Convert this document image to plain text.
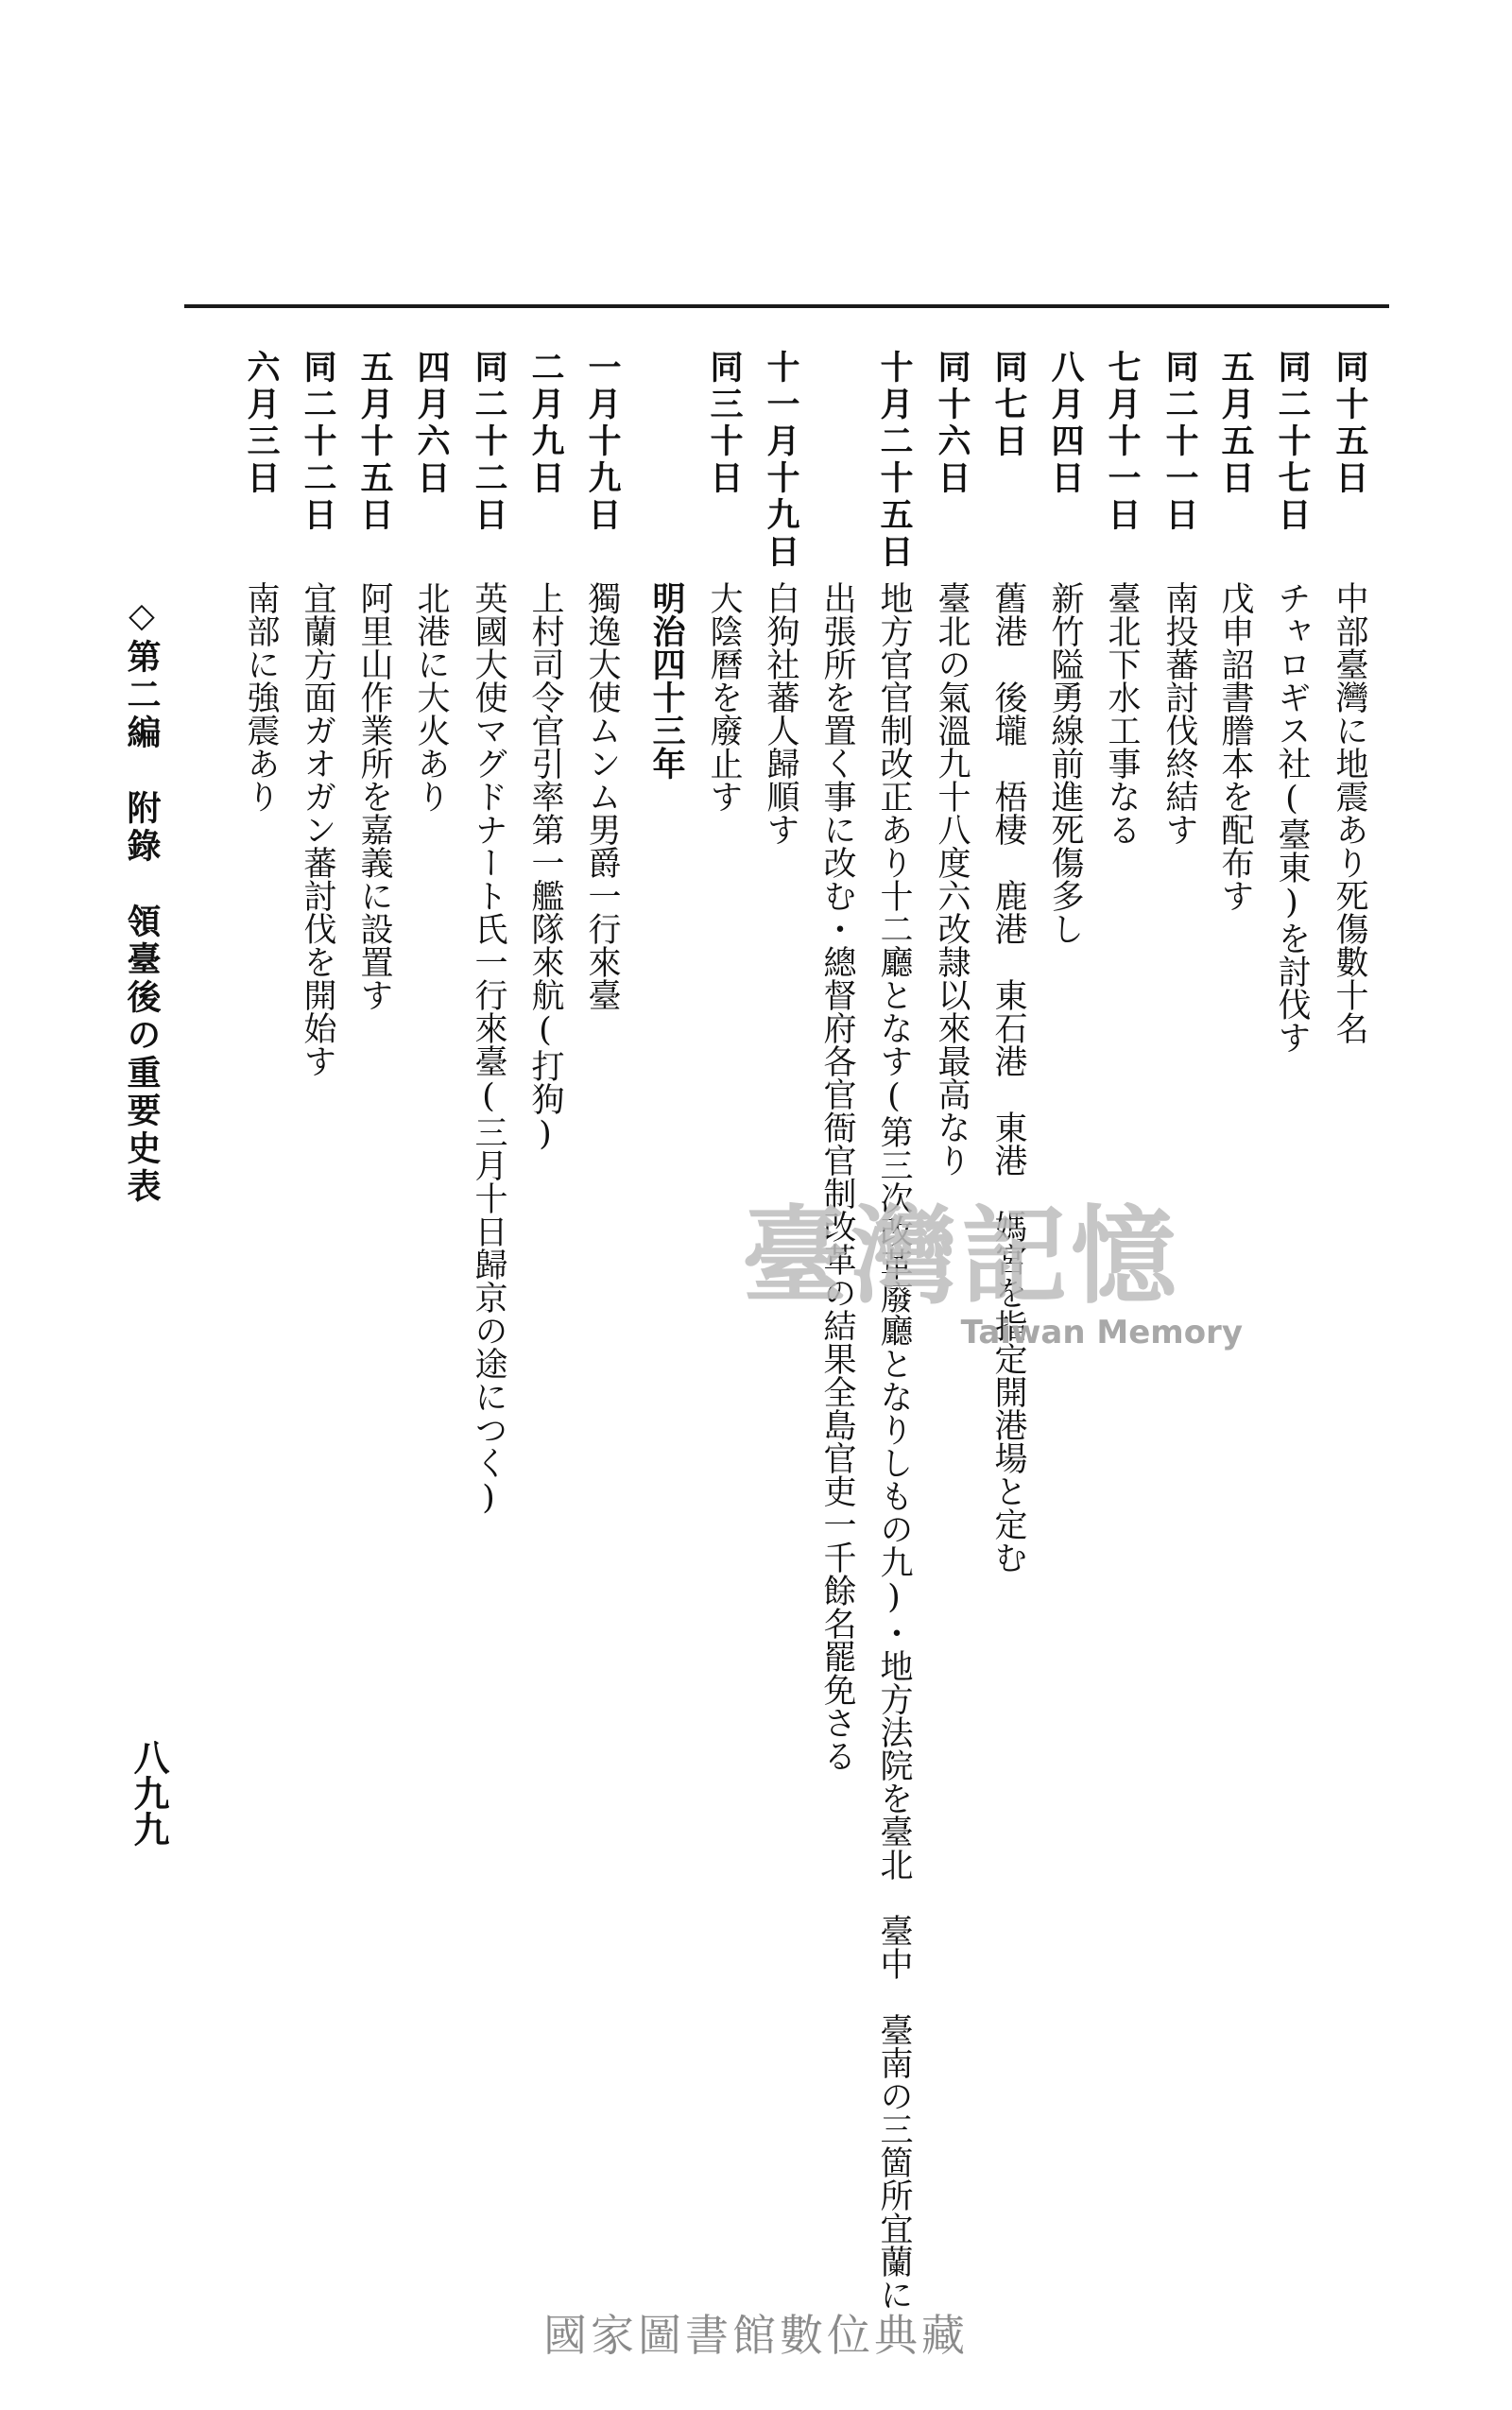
同十五日中部臺灣に地震あり死傷數十名
同二十七日チャロギス社(臺東)を討伐す
五月五日戊申詔書謄本を配布す
同二十一日南投蕃討伐終結す
七月十一日臺北下水工事なる
八月四日新竹隘勇線前進死傷多し
同七日舊港　後壠　梧棲　鹿港　東石港　東港　媽宮を指定開港場と定む
同十六日臺北の氣溫九十八度六改隷以來最高なり
十月二十五日地方官官制改正あり十二廳となす(第三次改革廢廳となりしもの九)・地方法院を臺北　臺中　臺南の三箇所宜蘭に
出張所を置く事に改む・總督府各官衙官制改革の結果全島官吏一千餘名罷免さる
十一月十九日白狗社蕃人歸順す
同三十日大陰曆を廢止す
明治四十三年
一月十九日獨逸大使ムンム男爵一行來臺
二月九日上村司令官引率第一艦隊來航(打狗)
同二十二日英國大使マグドナート氏一行來臺(三月十日歸京の途につく)
四月六日北港に大火あり
五月十五日阿里山作業所を嘉義に設置す
同二十二日宜蘭方面ガオガン蕃討伐を開始す
六月三日南部に強震あり
◇第二編　附錄　領臺後の重要史表
八九九
臺灣記憶
Taiwan Memory
國家圖書館數位典藏
